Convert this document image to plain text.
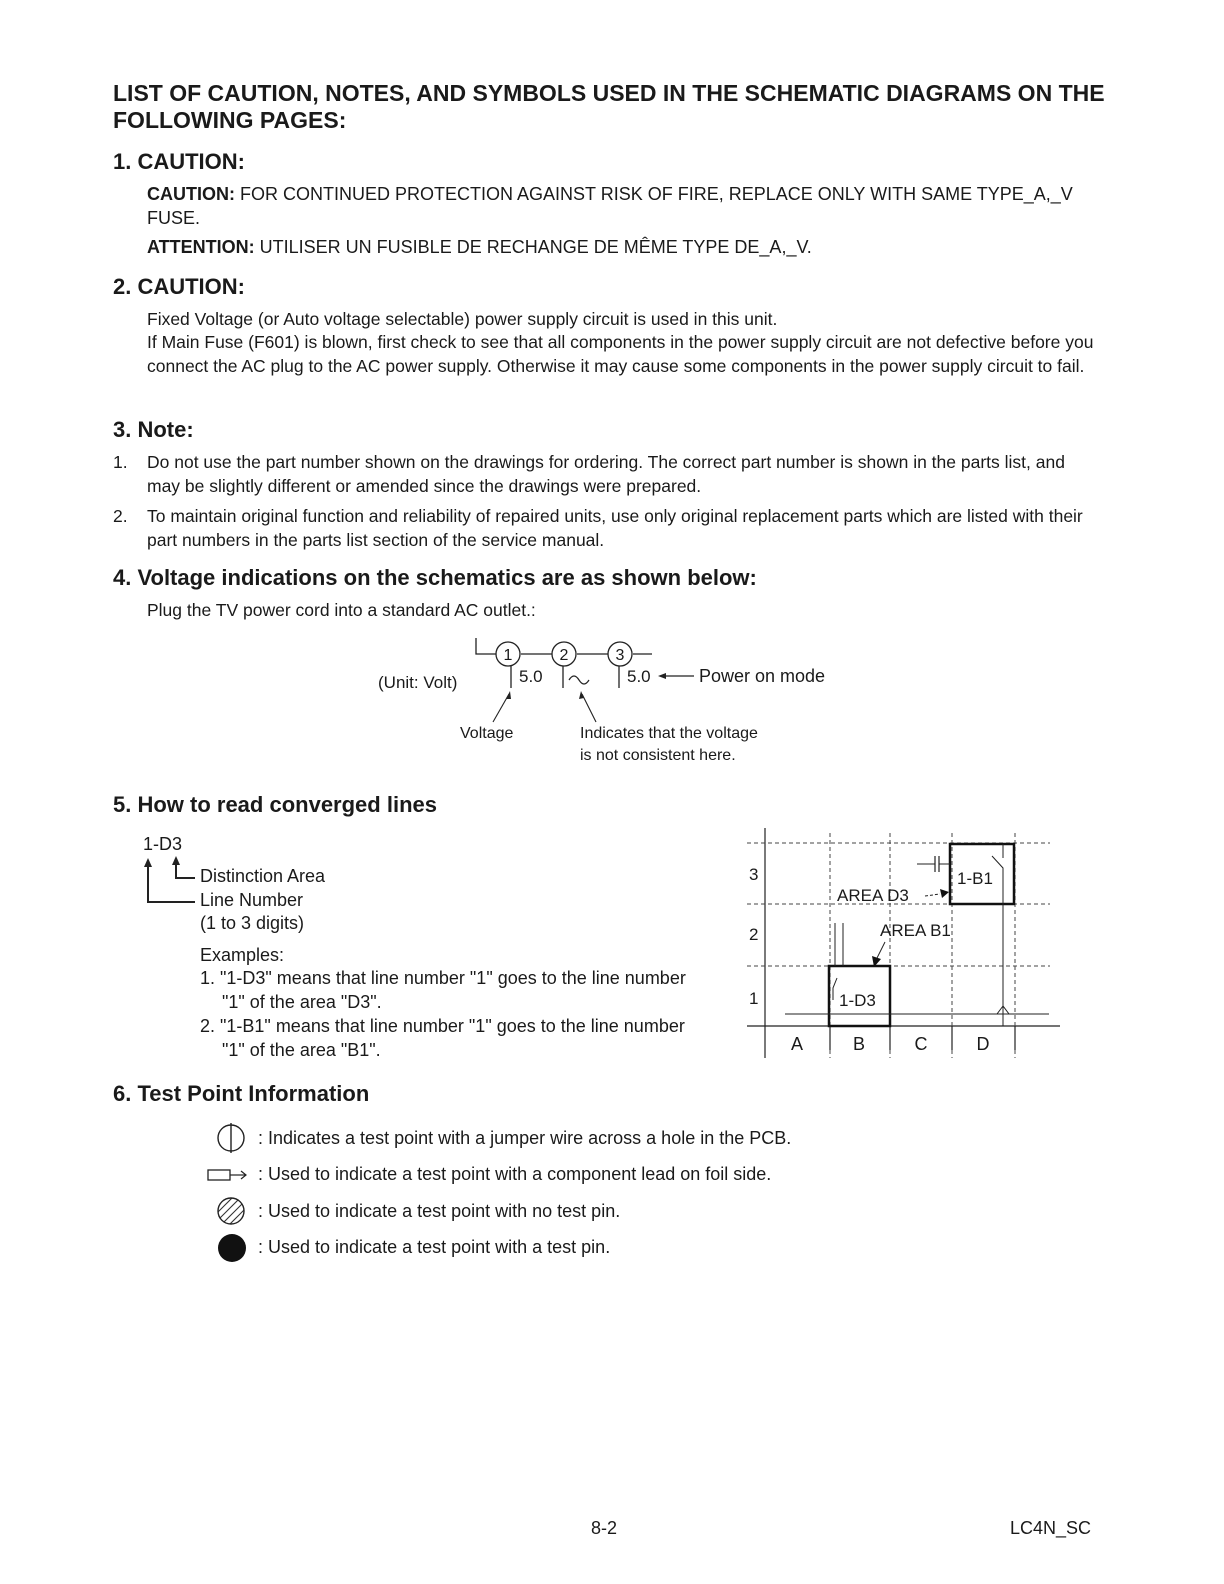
LIST OF CAUTION, NOTES, AND SYMBOLS USED IN THE SCHEMATIC DIAGRAMS ON THE FOLLOWING PAGES:
1. CAUTION:
CAUTION: FOR CONTINUED PROTECTION AGAINST RISK OF FIRE, REPLACE ONLY WITH SAME TYPE_A,_V FUSE.
ATTENTION: UTILISER UN FUSIBLE DE RECHANGE DE MÊME TYPE DE_A,_V.
2. CAUTION:
Fixed Voltage (or Auto voltage selectable) power supply circuit is used in this unit.
If Main Fuse (F601) is blown, first check to see that all components in the power supply circuit are not defective before you connect the AC plug to the AC power supply. Otherwise it may cause some components in the power supply circuit to fail.
3. Note:
1.	Do not use the part number shown on the drawings for ordering. The correct part number is shown in the parts list, and may be slightly different or amended since the drawings were prepared.
2.	To maintain original function and reliability of repaired units, use only original replacement parts which are listed with their part numbers in the parts list section of the service manual.
4. Voltage indications on the schematics are as shown below:
Plug the TV power cord into a standard AC outlet.:
1	2	3
(Unit: Volt)	5.0	5.0	Power on mode
Voltage	Indicates that the voltage
is not consistent here.
5. How to read converged lines
1-D3
Distinction Area
Line Number
(1 to 3 digits)
Examples:
1. "1-D3" means that line number "1" goes to the line number
"1" of the area "D3".
2. "1-B1" means that line number "1" goes to the line number
"1" of the area "B1".
3
2
1
A	B	C	D
1-B1
1-D3
AREA D3
AREA B1
6. Test Point Information
: Indicates a test point with a jumper wire across a hole in the PCB.
: Used to indicate a test point with a component lead on foil side.
: Used to indicate a test point with no test pin.
: Used to indicate a test point with a test pin.
8-2	LC4N_SC
